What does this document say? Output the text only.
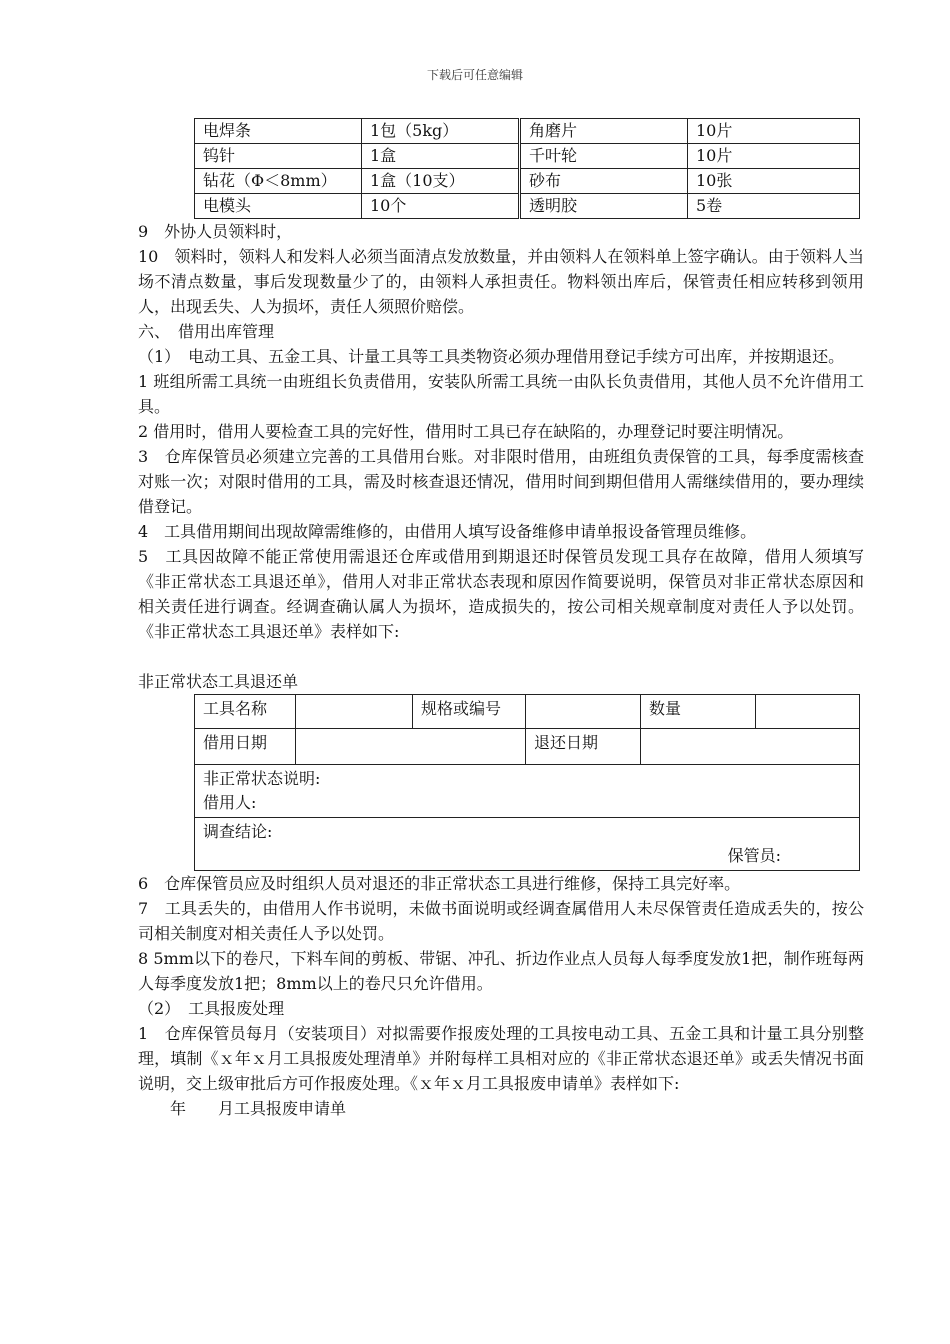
下载后可任意编辑
电焊条	1包（5kg）	角磨片	10片
钨针	1盒	千叶轮	10片
钻花（Φ＜8mm）	1盒（10支）	砂布	10张
电模头	10个	透明胶	5卷

9　外协人员领料时，

10　领料时，领料人和发料人必须当面清点发放数量，并由领料人在领料单上签字确认。由于领料人当场不清点数量，事后发现数量少了的，由领料人承担责任。物料领出库后，保管责任相应转移到领用人，出现丢失、人为损坏，责任人须照价赔偿。

六、　借用出库管理

（1）　电动工具、五金工具、计量工具等工具类物资必须办理借用登记手续方可出库，并按期退还。

1 班组所需工具统一由班组长负责借用，安装队所需工具统一由队长负责借用，其他人员不允许借用工具。

2 借用时，借用人要检查工具的完好性，借用时工具已存在缺陷的，办理登记时要注明情况。

3　仓库保管员必须建立完善的工具借用台账。对非限时借用，由班组负责保管的工具，每季度需核查对账一次；对限时借用的工具，需及时核查退还情况，借用时间到期但借用人需继续借用的，要办理续借登记。

4　工具借用期间出现故障需维修的，由借用人填写设备维修申请单报设备管理员维修。

5　工具因故障不能正常使用需退还仓库或借用到期退还时保管员发现工具存在故障，借用人须填写《非正常状态工具退还单》，借用人对非正常状态表现和原因作简要说明，保管员对非正常状态原因和相关责任进行调查。经调查确认属人为损坏，造成损失的，按公司相关规章制度对责任人予以处罚。《非正常状态工具退还单》表样如下:

非正常状态工具退还单

工具名称		规格或编号		数量	
借用日期			退还日期		

非正常状态说明:
借用人:					

调查结论:
保管员:					

6　仓库保管员应及时组织人员对退还的非正常状态工具进行维修，保持工具完好率。

7　工具丢失的，由借用人作书说明，未做书面说明或经调查属借用人未尽保管责任造成丢失的，按公司相关制度对相关责任人予以处罚。

8 5mm以下的卷尺，下料车间的剪板、带锯、冲孔、折边作业点人员每人每季度发放1把，制作班每两人每季度发放1把；8mm以上的卷尺只允许借用。

（2）　工具报废处理

1　仓库保管员每月（安装项目）对拟需要作报废处理的工具按电动工具、五金工具和计量工具分别整理，填制《ｘ年ｘ月工具报废处理清单》并附每样工具相对应的《非正常状态退还单》或丢失情况书面说明，交上级审批后方可作报废处理。《ｘ年ｘ月工具报废申请单》表样如下:

年　　月工具报废申请单
